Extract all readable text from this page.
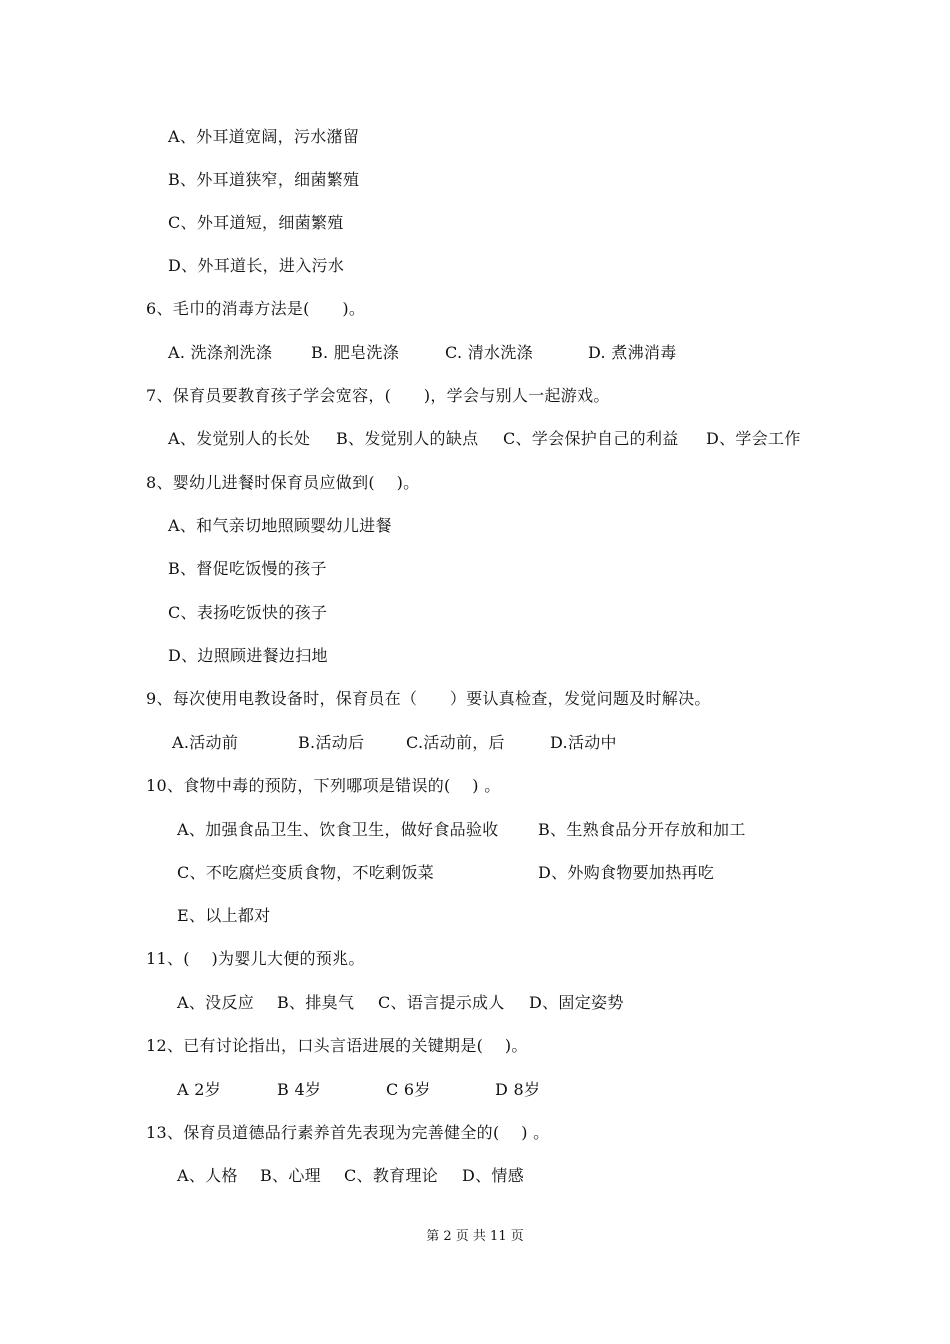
A、外耳道宽阔，污水潴留
B、外耳道狭窄，细菌繁殖
C、外耳道短，细菌繁殖
D、外耳道长，进入污水
6、毛巾的消毒方法是(　　)。
A. 洗涤剂洗涤 B. 肥皂洗涤	C. 清水洗涤	D. 煮沸消毒
7、保育员要教育孩子学会宽容，(　　)，学会与别人一起游戏。
A、发觉别人的长处 B、发觉别人的缺点 C、学会保护自己的利益 D、学会工作
8、婴幼儿进餐时保育员应做到(　 )。
A、和气亲切地照顾婴幼儿进餐
B、督促吃饭慢的孩子
C、表扬吃饭快的孩子
D、边照顾进餐边扫地
9、每次使用电教设备时，保育员在（　　）要认真检查，发觉问题及时解决。
A.活动前	B.活动后	C.活动前，后	D.活动中
10、食物中毒的预防，下列哪项是错误的(　 ) 。
A、加强食品卫生、饮食卫生，做好食品验收 B、生熟食品分开存放和加工
C、不吃腐烂变质食物，不吃剩饭菜	D、外购食物要加热再吃
E、以上都对
11、(　 )为婴儿大便的预兆。
A、没反应 B、排臭气 C、语言提示成人 D、固定姿势
12、已有讨论指出，口头言语进展的关键期是(　 )。
A 2岁	B 4岁	C 6岁	D 8岁
13、保育员道德品行素养首先表现为完善健全的(　 ) 。
A、人格 B、心理 C、教育理论 D、情感
第 2 页 共 11 页
